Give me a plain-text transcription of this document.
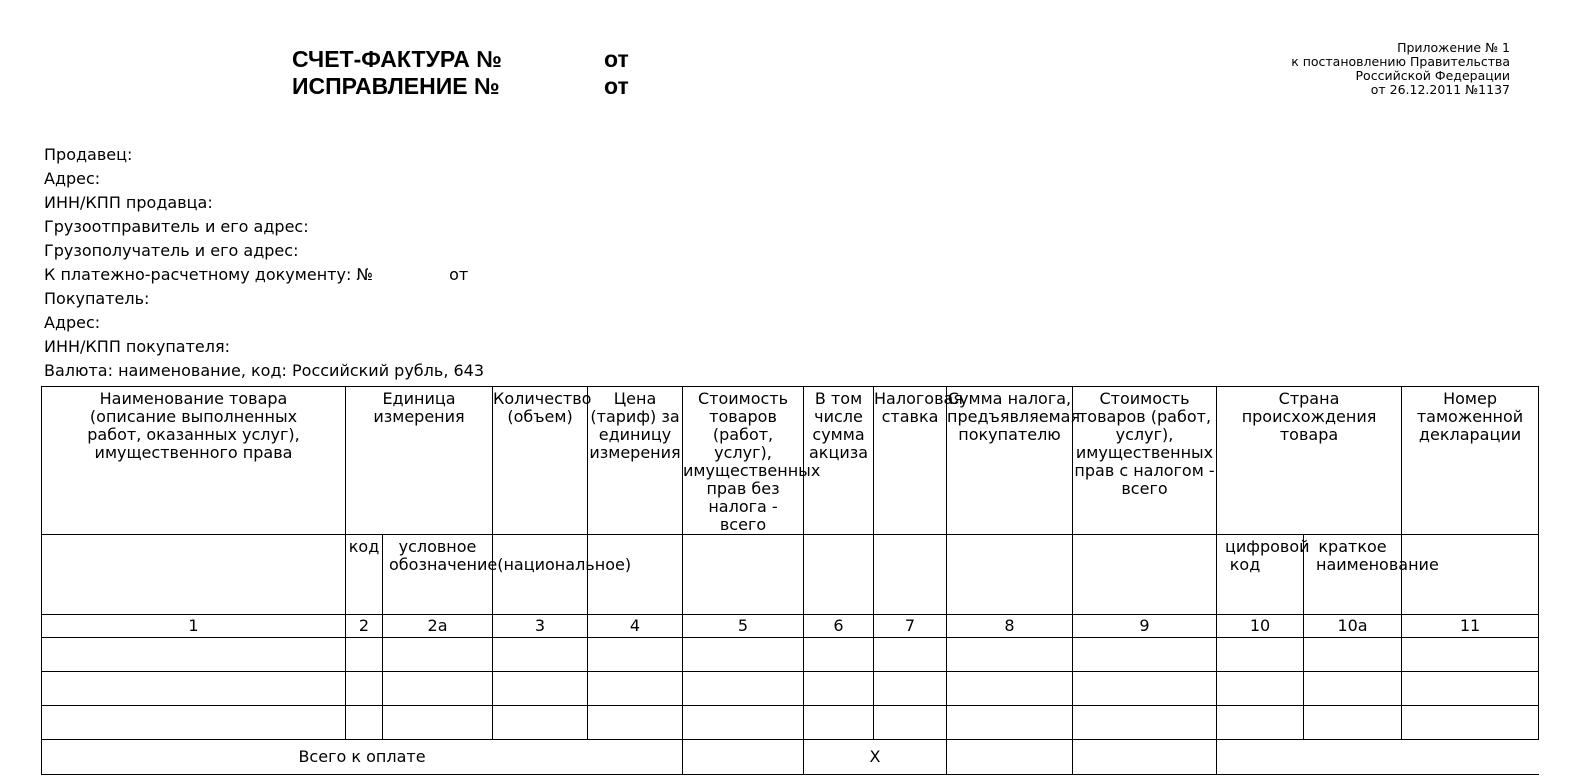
СЧЕТ-ФАКТУРА №	от
ИСПРАВЛЕНИЕ №	от
Приложение № 1
к постановлению Правительства
Российской Федерации
от 26.12.2011 №1137
Продавец:
Адрес:
ИНН/КПП продавца:
Грузоотправитель и его адрес:
Грузополучатель и его адрес:
К платежно-расчетному документу: №	от
Покупатель:
Адрес:
ИНН/КПП покупателя:
Валюта: наименование, код: Российский рубль, 643
Наименование товара (описание выполненных работ, оказанных услуг), имущественного права	Единица измерения		Количество (объем)	Цена (тариф) за единицу измерения	Стоимость товаров (работ, услуг), имущественных прав без налога - всего	В том числе сумма акциза	Налоговая ставка	Сумма налога, предъявляемая покупателю	Стоимость товаров (работ, услуг), имущественных прав с налогом - всего	Страна происхождения товара		Номер таможенной декларации

	код	условное обозначение(национальное)								цифровой код	краткое наименование	

1	2	2а	3	4	5	6	7	8	9	10	10а	11

Всего к оплате						Х						
